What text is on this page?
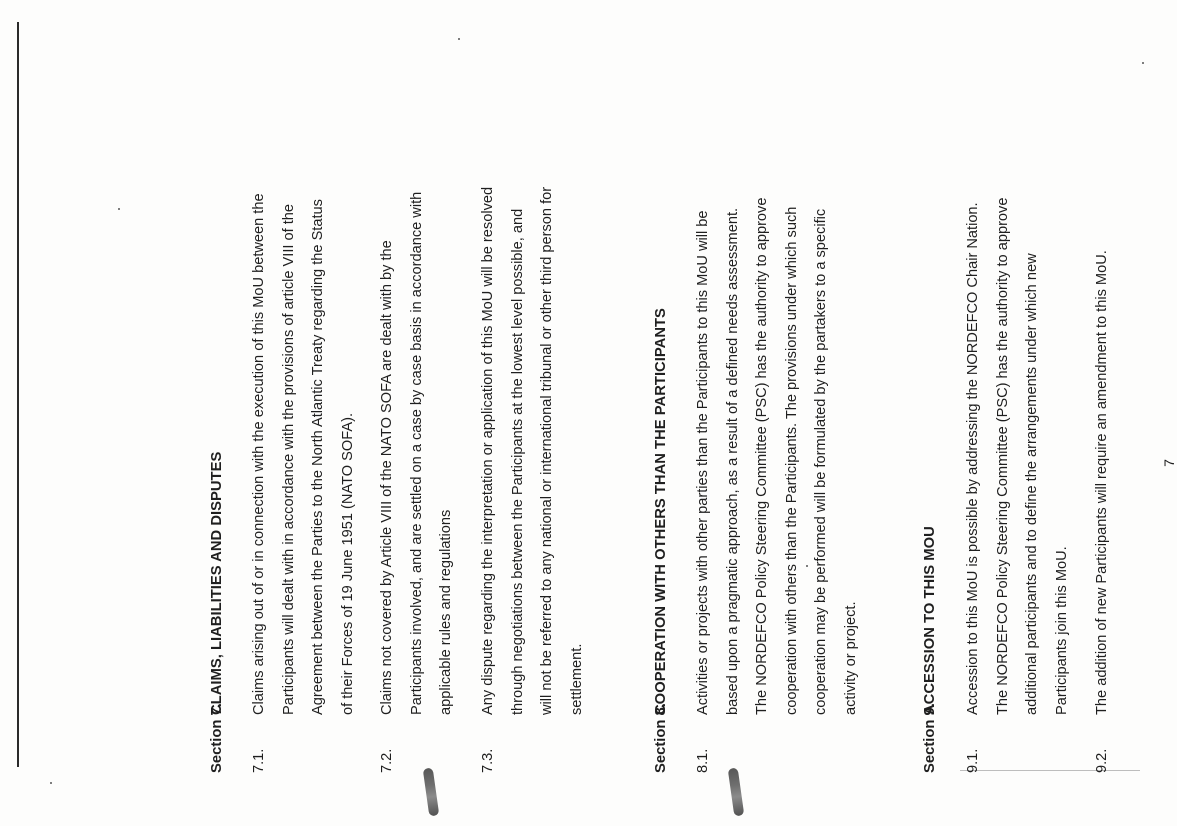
Section 7.CLAIMS, LIABILITIES AND DISPUTES
7.1.
Claims arising out of or in connection with the execution of this MoU between the Participants will dealt with in accordance with the provisions of article VIII of the Agreement between the Parties to the North Atlantic Treaty regarding the Status of their Forces of 19 June 1951 (NATO SOFA).
7.2.
Claims not covered by Article VIII of the NATO SOFA are dealt with by the Participants involved, and are settled on a case by case basis in accordance with applicable rules and regulations
7.3.
Any dispute regarding the interpretation or application of this MoU will be resolved through negotiations between the Participants at the lowest level possible, and will not be referred to any national or international tribunal or other third person for settlement.
Section 8.COOPERATION WITH OTHERS THAN THE PARTICIPANTS
8.1.
Activities or projects with other parties than the Participants to this MoU will be based upon a pragmatic approach, as a result of a defined needs assessment. The NORDEFCO Policy Steering Committee (PSC) has the authority to approve cooperation with others than the Participants. The provisions under which such cooperation may be performed will be formulated by the partakers to a specific activity or project.
Section 9.ACCESSION TO THIS MOU
9.1.
Accession to this MoU is possible by addressing the NORDEFCO Chair Nation. The NORDEFCO Policy Steering Committee (PSC) has the authority to approve additional participants and to define the arrangements under which new Participants join this MoU.
9.2.
The addition of new Participants will require an amendment to this MoU.	7
